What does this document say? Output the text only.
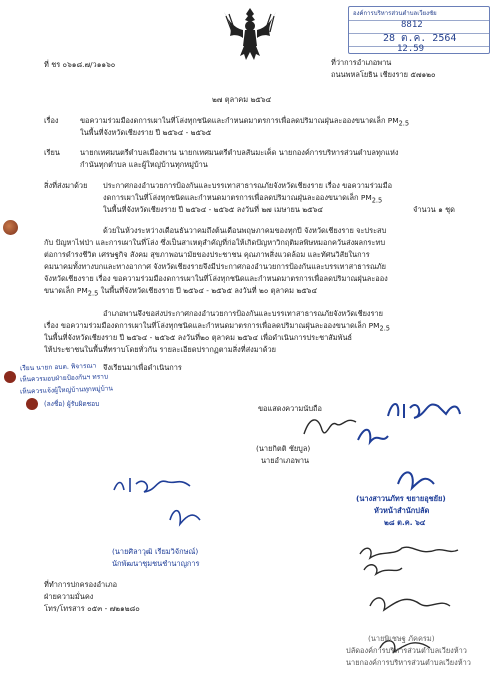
องค์การบริหารส่วนตำบลเวียงชัย
8812
28 ต.ค. 2564
12.59
ที่ ชร ๐๖๑๘.๗/ว๑๑๖๐	ที่ว่าการอำเภอพาน
ถนนพหลโยธิน เชียงราย ๕๗๑๒๐
๒๗ ตุลาคม ๒๕๖๔
เรื่อง	ขอความร่วมมืองดการเผาในที่โล่งทุกชนิดและกำหนดมาตรการเพื่อลดปริมาณฝุ่นละอองขนาดเล็ก $PM_{2.5}$
ในพื้นที่จังหวัดเชียงราย ปี ๒๕๖๔ - ๒๕๖๕
เรียน	นายกเทศมนตรีตำบลเมืองพาน นายกเทศมนตรีตำบลสันมะเค็ด นายกองค์การบริหารส่วนตำบลทุกแห่ง
กำนันทุกตำบล และผู้ใหญ่บ้านทุกหมู่บ้าน
สิ่งที่ส่งมาด้วย ประกาศกองอำนวยการป้องกันและบรรเทาสาธารณภัยจังหวัดเชียงราย เรื่อง ขอความร่วมมือ
งดการเผาในที่โล่งทุกชนิดและกำหนดมาตรการเพื่อลดปริมาณฝุ่นละอองขนาดเล็ก $PM_{2.5}$
ในพื้นที่จังหวัดเชียงราย ปี ๒๕๖๔ - ๒๕๖๕ ลงวันที่ ๒๗ เมษายน ๒๕๖๔	จำนวน ๑ ชุด
ด้วยในห้วงระหว่างเดือนธันวาคมถึงต้นเดือนพฤษภาคมของทุกปี จังหวัดเชียงราย จะประสบ
กับ ปัญหาไฟป่า และการเผาในที่โล่ง ซึ่งเป็นสาเหตุสำคัญที่ก่อให้เกิดปัญหาวิกฤติมลพิษหมอกควันส่งผลกระทบ
ต่อการดำรงชีวิต เศรษฐกิจ สังคม สุขภาพอนามัยของประชาชน คุณภาพสิ่งแวดล้อม และทัศนวิสัยในการ
คมนาคมทั้งทางบกและทางอากาศ จังหวัดเชียงรายจึงมีประกาศกองอำนวยการป้องกันและบรรเทาสาธารณภัย
จังหวัดเชียงราย เรื่อง ขอความร่วมมืองดการเผาในที่โล่งทุกชนิดและกำหนดมาตรการเพื่อลดปริมาณฝุ่นละออง
ขนาดเล็ก $PM_{2.5}$ ในพื้นที่จังหวัดเชียงราย ปี ๒๕๖๔ - ๒๕๖๕ ลงวันที่ ๒๐ ตุลาคม ๒๕๖๔
อำเภอพานจึงขอส่งประกาศกองอำนวยการป้องกันและบรรเทาสาธารณภัยจังหวัดเชียงราย
เรื่อง ขอความร่วมมืองดการเผาในที่โล่งทุกชนิดและกำหนดมาตรการเพื่อลดปริมาณฝุ่นละอองขนาดเล็ก $PM_{2.5}$
ในพื้นที่จังหวัดเชียงราย ปี ๒๕๖๔ - ๒๕๖๕ ลงวันที่๒๐ ตุลาคม ๒๕๖๔ เพื่อดำเนินการประชาสัมพันธ์
ให้ประชาชนในพื้นที่ทราบโดยทั่วกัน รายละเอียดปรากฏตามสิ่งที่ส่งมาด้วย
จึงเรียนมาเพื่อดำเนินการ
เรียน นายก อบต. พิจารณา
เห็นควรมอบฝ่ายป้องกันฯ ทราบ
เห็นควรแจ้งผู้ใหญ่บ้านทุกหมู่บ้าน
(ลงชื่อ) ผู้รับผิดชอบ	ขอแสดงความนับถือ
(นายกิตติ ชัยบูล)
นายอำเภอพาน
(นางสาวนภัทร ขยายอุชยัย)
หัวหน้าสำนักปลัด
๒๘ ต.ค. ๖๔
(นายศิลาวุฒิ เรียมวิจักษณ์)
นักพัฒนาชุมชนชำนาญการ
ที่ทำการปกครองอำเภอ
ฝ่ายความมั่นคง
โทร/โทรสาร ๐๕๓ - ๗๒๑๒๘๐
(นายพิเชษฐ ภัคครม)
ปลัดองค์การบริหารส่วนตำบลเวียงห้าว
นายกองค์การบริหารส่วนตำบลเวียงห้าว
